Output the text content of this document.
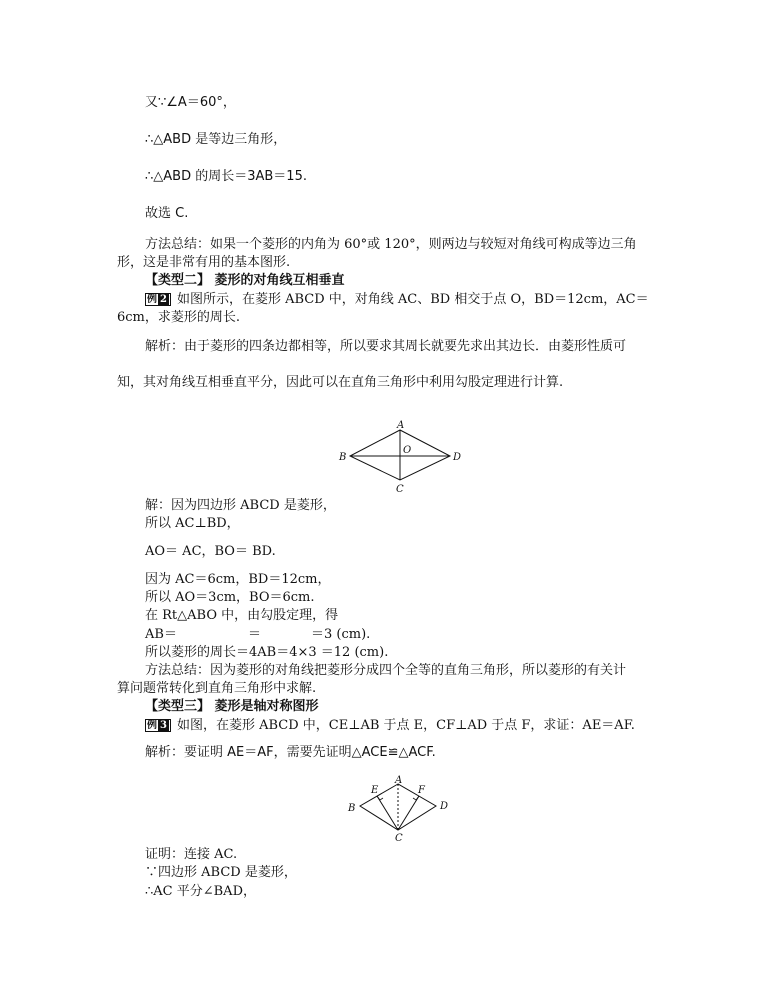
又∵∠A＝60°，
∴△ABD 是等边三角形，
∴△ABD 的周长＝3AB＝15.
故选 C.
方法总结：如果一个菱形的内角为 60°或 120°，则两边与较短对角线可构成等边三角
形，这是非常有用的基本图形.
【类型二】 菱形的对角线互相垂直
例 2 如图所示，在菱形 ABCD 中，对角线 AC、BD 相交于点 O，BD＝12cm，AC＝
6cm，求菱形的周长.
解析：由于菱形的四条边都相等，所以要求其周长就要先求出其边长．由菱形性质可
知，其对角线互相垂直平分，因此可以在直角三角形中利用勾股定理进行计算.
A
B
C
D
O
解：因为四边形 ABCD 是菱形，
所以 AC⊥BD，
AO＝ AC，BO＝ BD.
因为 AC＝6cm，BD＝12cm，
所以 AO＝3cm，BO＝6cm.
在 Rt△ABO 中，由勾股定理，得
AB＝	＝	＝3 (cm).
所以菱形的周长＝4AB＝4×3 ＝12 (cm).
方法总结：因为菱形的对角线把菱形分成四个全等的直角三角形，所以菱形的有关计
算问题常转化到直角三角形中求解.
【类型三】 菱形是轴对称图形
例 3 如图，在菱形 ABCD 中，CE⊥AB 于点 E，CF⊥AD 于点 F，求证：AE＝AF.
解析：要证明 AE＝AF，需要先证明△ACE≌△ACF.
A
B
C
D
E	F
证明：连接 AC.
∵四边形 ABCD 是菱形，
∴AC 平分∠BAD，
